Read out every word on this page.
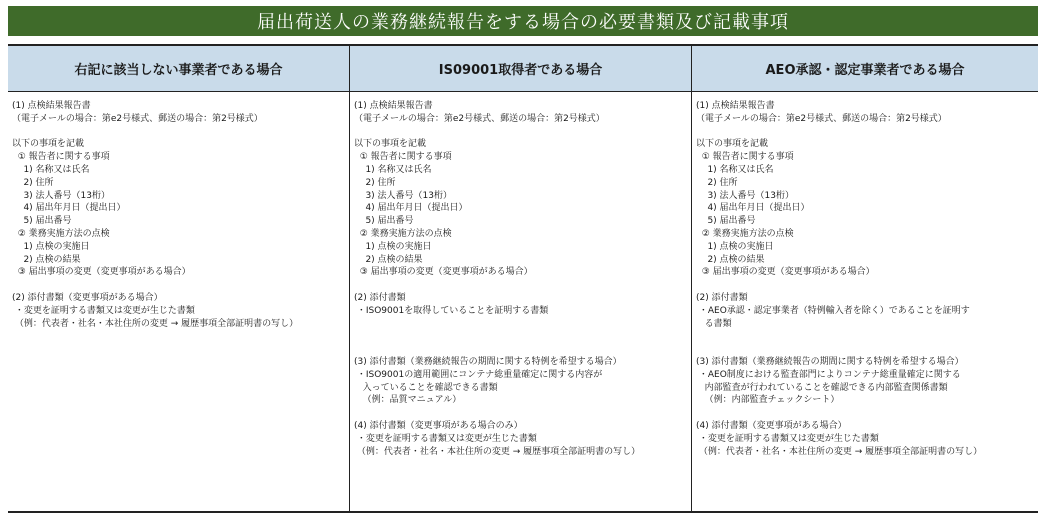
届出荷送人の業務継続報告をする場合の必要書類及び記載事項
右記に該当しない事業者である場合	IS09001取得者である場合	AEO承認・認定事業者である場合
(1) 点検結果報告書
（電子メールの場合：第e2号様式、郵送の場合：第2号様式）
以下の事項を記載
① 報告者に関する事項
1) 名称又は氏名
2) 住所
3) 法人番号（13桁）
4) 届出年月日（提出日）
5) 届出番号
② 業務実施方法の点検
1) 点検の実施日
2) 点検の結果
③ 届出事項の変更（変更事項がある場合）
(2) 添付書類（変更事項がある場合）
・変更を証明する書類又は変更が生じた書類
（例：代表者・社名・本社住所の変更 → 履歴事項全部証明書の写し）
(1) 点検結果報告書
（電子メールの場合：第e2号様式、郵送の場合：第2号様式）
以下の事項を記載
① 報告者に関する事項
1) 名称又は氏名
2) 住所
3) 法人番号（13桁）
4) 届出年月日（提出日）
5) 届出番号
② 業務実施方法の点検
1) 点検の実施日
2) 点検の結果
③ 届出事項の変更（変更事項がある場合）
(2) 添付書類
・ISO9001を取得していることを証明する書類

(3) 添付書類（業務継続報告の期間に関する特例を希望する場合）
・ISO9001の適用範囲にコンテナ総重量確定に関する内容が
入っていることを確認できる書類
（例：品質マニュアル）
(4) 添付書類（変更事項がある場合のみ）
・変更を証明する書類又は変更が生じた書類
（例：代表者・社名・本社住所の変更 → 履歴事項全部証明書の写し）
(1) 点検結果報告書
（電子メールの場合：第e2号様式、郵送の場合：第2号様式）
以下の事項を記載
① 報告者に関する事項
1) 名称又は氏名
2) 住所
3) 法人番号（13桁）
4) 届出年月日（提出日）
5) 届出番号
② 業務実施方法の点検
1) 点検の実施日
2) 点検の結果
③ 届出事項の変更（変更事項がある場合）
(2) 添付書類
・AEO承認・認定事業者（特例輸入者を除く）であることを証明す
る書類

(3) 添付書類（業務継続報告の期間に関する特例を希望する場合）
・AEO制度における監査部門によりコンテナ総重量確定に関する
内部監査が行われていることを確認できる内部監査関係書類
（例：内部監査チェックシート）
(4) 添付書類（変更事項がある場合）
・変更を証明する書類又は変更が生じた書類
（例：代表者・社名・本社住所の変更 → 履歴事項全部証明書の写し）
